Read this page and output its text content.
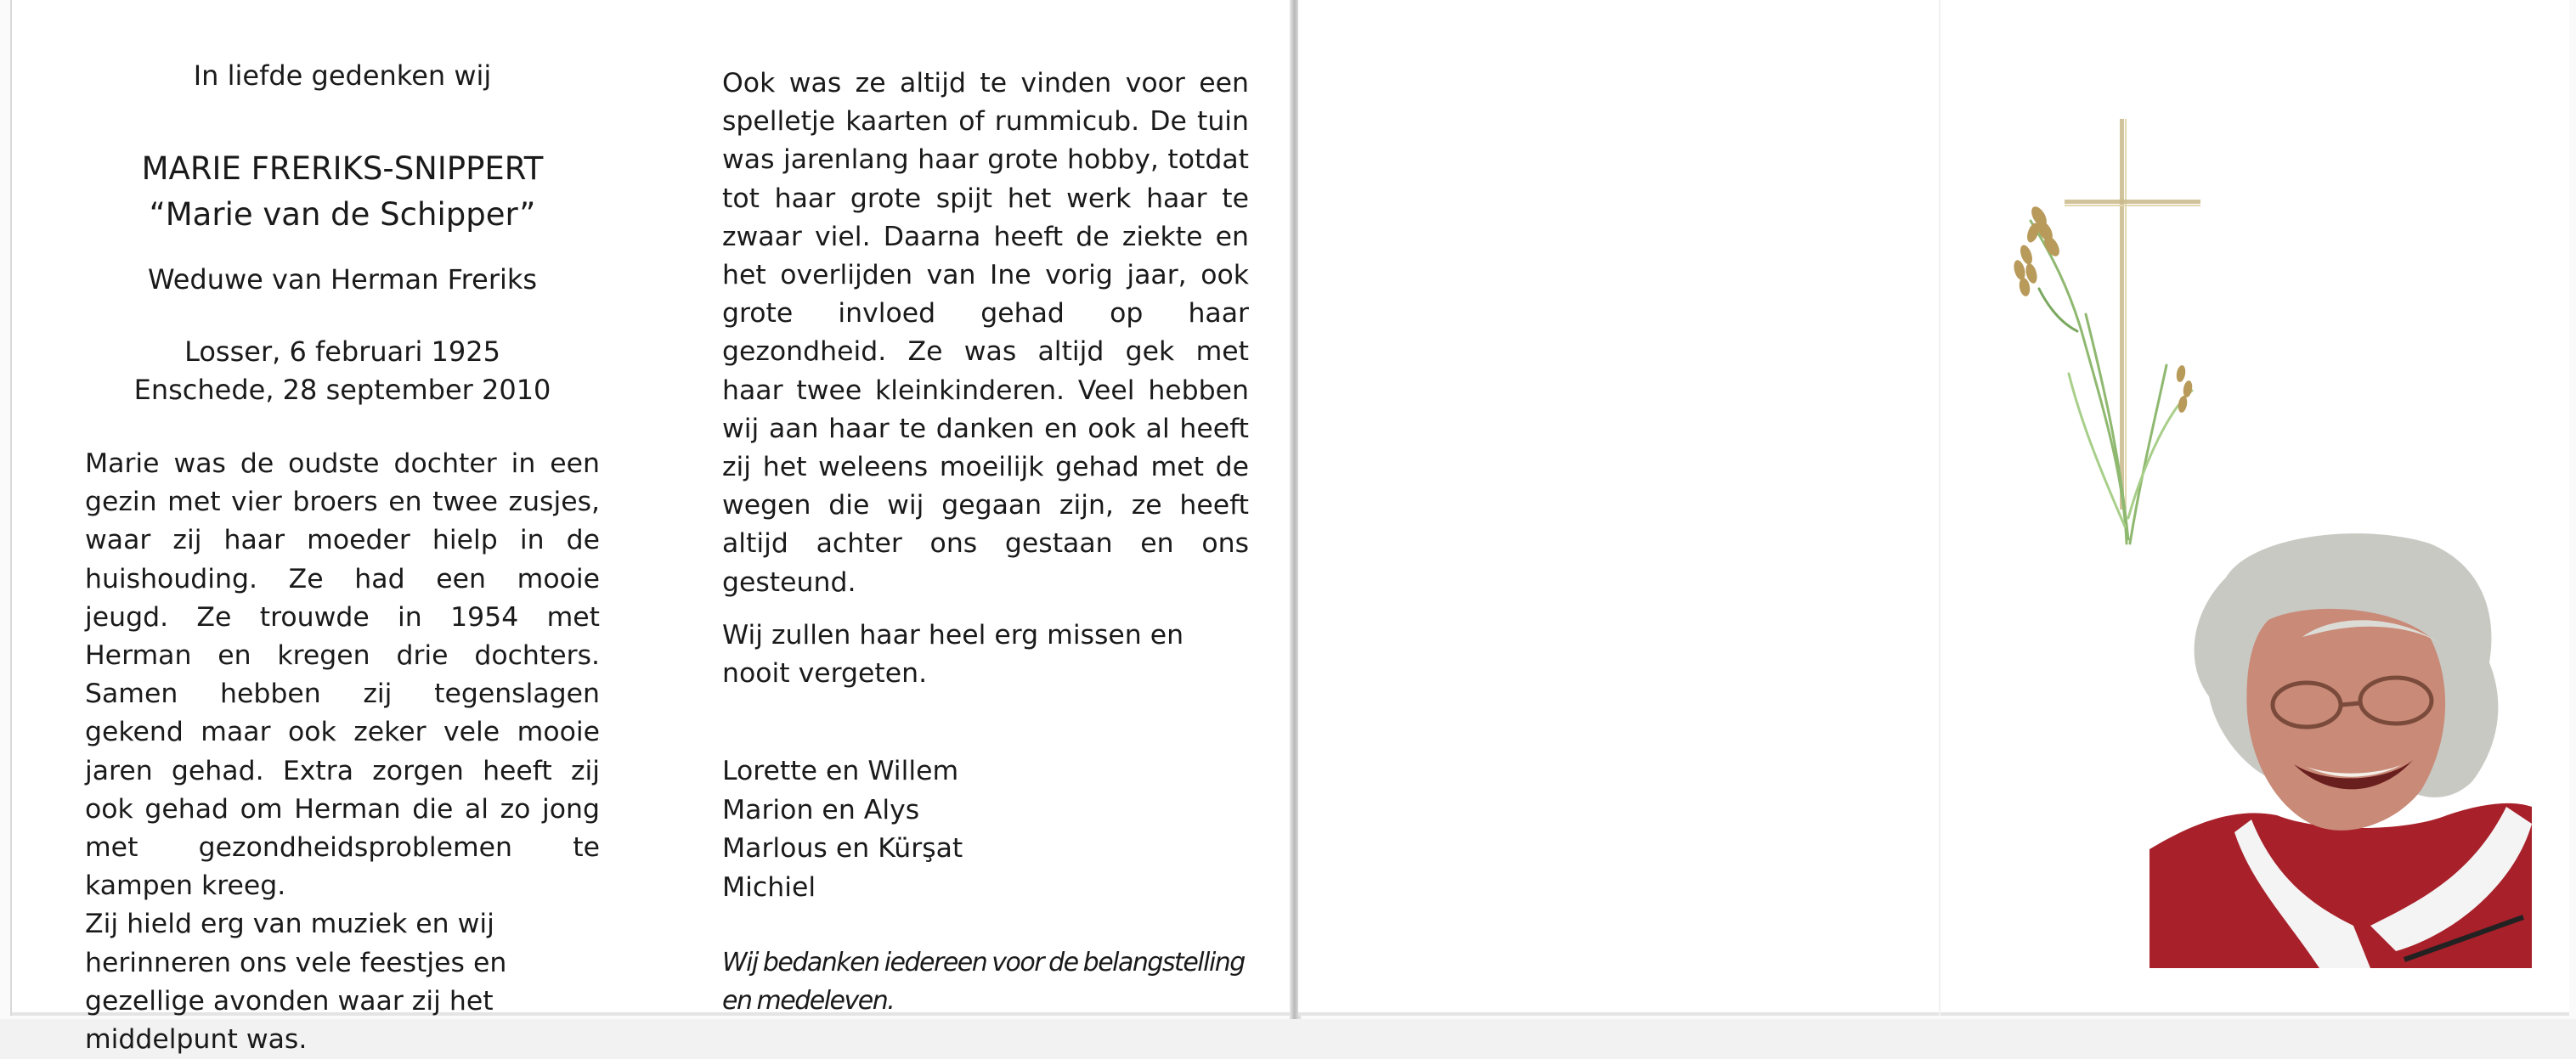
In liefde gedenken wij
MARIE FRERIKS-SNIPPERT
“Marie van de Schipper”
Weduwe van Herman Freriks
Losser, 6 februari 1925
Enschede, 28 september 2010

Marie was de oudste dochter in een gezin met vier broers en twee zusjes, waar zij haar moeder hielp in de huishouding. Ze had een mooie jeugd. Ze trouwde in 1954 met Herman en kregen drie dochters. Samen hebben zij tegenslagen gekend maar ook zeker vele mooie jaren gehad. Extra zorgen heeft zij ook gehad om Herman die al zo jong met gezondheidsproblemen te kampen kreeg.

Zij hield erg van muziek en wij herinneren ons vele feestjes en gezellige avonden waar zij het middelpunt was.

Ook was ze altijd te vinden voor een spelletje kaarten of rummicub. De tuin was jarenlang haar grote hobby, totdat tot haar grote spijt het werk haar te zwaar viel. Daarna heeft de ziekte en het overlijden van Ine vorig jaar, ook grote invloed gehad op haar gezondheid. Ze was altijd gek met haar twee kleinkinderen. Veel hebben wij aan haar te danken en ook al heeft zij het weleens moeilijk gehad met de wegen die wij gegaan zijn, ze heeft altijd achter ons gestaan en ons gesteund.

Wij zullen haar heel erg missen en nooit vergeten.

Lorette en Willem
Marion en Alys
Marlous en Kürşat
Michiel
Wij bedanken iedereen voor de belangstelling en medeleven.
